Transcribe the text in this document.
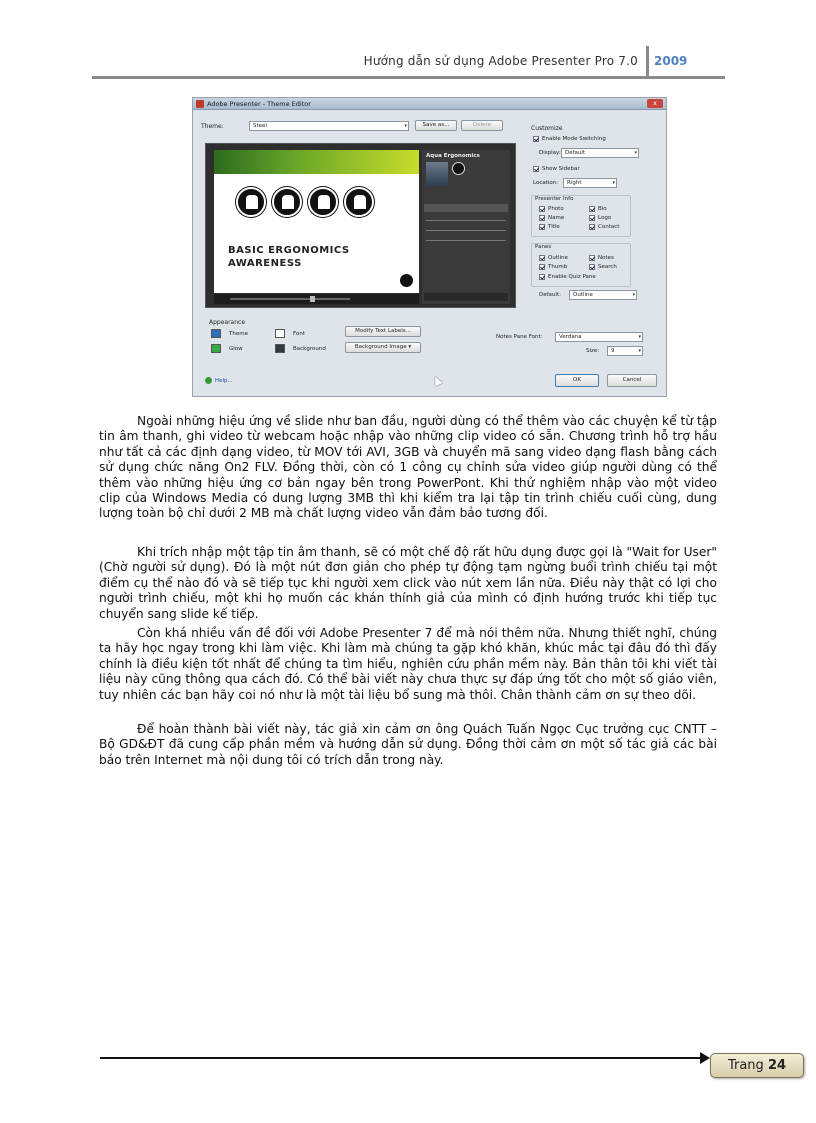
Hướng dẫn sử dụng Adobe Presenter Pro 7.0 2009
Adobe Presenter - Theme Editor	x
Theme:	Steel	▾	Save as...	Delete
BASIC ERGONOMICS
AWARENESS
Aqua Ergonomics
Customize
Enable Mode Switching
Display: Default	▾
Show Sidebar
Location:	Right	▾
Presenter Info
Photo	Bio
Name	Logo
Title	Contact
Panes
Outline	Notes
Thumb	Search
Enable Quiz Pane
Default:	Outline	▾
Appearance
Theme	Font
Glow	Background
Modify Text Labels...
Background Image ▾
Notes Pane Font:	Verdana	▾
Size:	9	▾
Help...	OK	Cancel

Ngoài những hiệu ứng về slide như ban đầu, người dùng có thể thêm vào các chuyện kể từ tập tin âm thanh, ghi video từ webcam hoặc nhập vào những clip video có sẵn. Chương trình hỗ trợ hầu như tất cả các định dạng video, từ MOV tới AVI, 3GB và chuyển mã sang video dạng flash bằng cách sử dụng chức năng On2 FLV. Đồng thời, còn có 1 công cụ chỉnh sửa video giúp người dùng có thể thêm vào những hiệu ứng cơ bản ngay bên trong PowerPont. Khi thử nghiệm nhập vào một video clip của Windows Media có dung lượng 3MB thì khi kiểm tra lại tập tin trình chiếu cuối cùng, dung lượng toàn bộ chỉ dưới 2 MB mà chất lượng video vẫn đảm bảo tương đối.

Khi trích nhập một tập tin âm thanh, sẽ có một chế độ rất hữu dụng được gọi là "Wait for User" (Chờ người sử dụng). Đó là một nút đơn giản cho phép tự động tạm ngừng buổi trình chiếu tại một điểm cụ thể nào đó và sẽ tiếp tục khi người xem click vào nút xem lần nữa. Điều này thật có lợi cho người trình chiếu, một khi họ muốn các khán thính giả của mình có định hướng trước khi tiếp tục chuyển sang slide kế tiếp.

Còn khá nhiều vấn đề đối với Adobe Presenter 7 để mà nói thêm nữa. Nhưng thiết nghĩ, chúng ta hãy học ngay trong khi làm việc. Khi làm mà chúng ta gặp khó khăn, khúc mắc tại đâu đó thì đấy chính là điều kiện tốt nhất để chúng ta tìm hiểu, nghiên cứu phần mềm này. Bản thân tôi khi viết tài liệu này cũng thông qua cách đó. Có thể bài viết này chưa thực sự đáp ứng tốt cho một số giáo viên, tuy nhiên các bạn hãy coi nó như là một tài liệu bổ sung mà thôi. Chân thành cảm ơn sự theo dõi.

Để hoàn thành bài viết này, tác giả xin cảm ơn ông Quách Tuấn Ngọc Cục trưởng cục CNTT – Bộ GD&ĐT đã cung cấp phần mềm và hướng dẫn sử dụng. Đồng thời cảm ơn một số tác giả các bài báo trên Internet mà nội dung tôi có trích dẫn trong này.

Trang 24
